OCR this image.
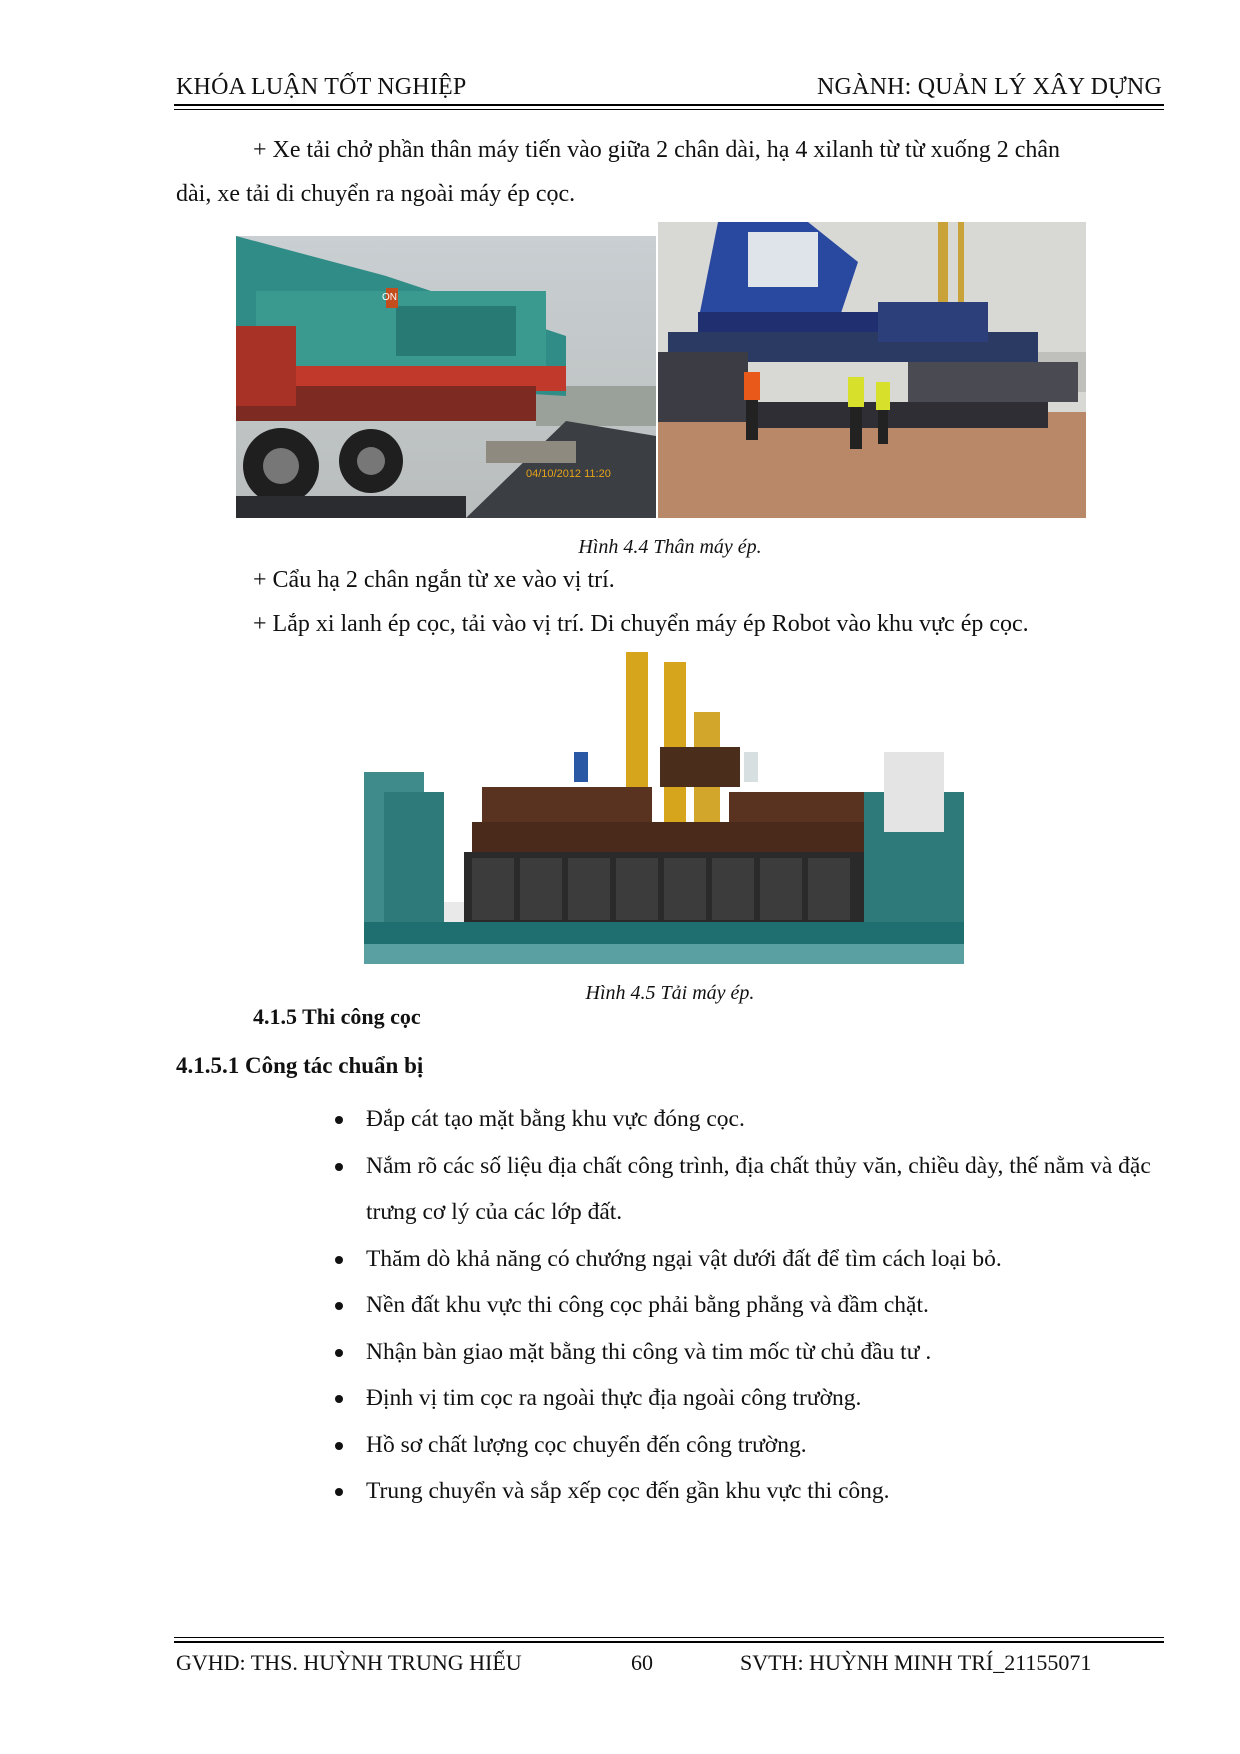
KHÓA LUẬN TỐT NGHIỆP	NGÀNH: QUẢN LÝ XÂY DỰNG
+ Xe tải chở phần thân máy tiến vào giữa 2 chân dài, hạ 4 xilanh từ từ xuống 2 chân
dài, xe tải di chuyển ra ngoài máy ép cọc.
ON
04/10/2012 11:20
Hình 4.4 Thân máy ép.
+ Cẩu hạ 2 chân ngắn từ xe vào vị trí.
+ Lắp xi lanh ép cọc, tải vào vị trí. Di chuyển máy ép Robot vào khu vực ép cọc.
Hình 4.5 Tải máy ép.
4.1.5 Thi công cọc
4.1.5.1 Công tác chuẩn bị
Đắp cát tạo mặt bằng khu vực đóng cọc.
Nắm rõ các số liệu địa chất công trình, địa chất thủy văn, chiều dày, thế nằm và đặc trưng cơ lý của các lớp đất.
Thăm dò khả năng có chướng ngại vật dưới đất để tìm cách loại bỏ.
Nền đất khu vực thi công cọc phải bằng phẳng và đầm chặt.
Nhận bàn giao mặt bằng thi công và tim mốc từ chủ đầu tư .
Định vị tim cọc ra ngoài thực địa ngoài công trường.
Hồ sơ chất lượng cọc chuyển đến công trường.
Trung chuyển và sắp xếp cọc đến gần khu vực thi công.
GVHD: THS. HUỲNH TRUNG HIẾU	60	SVTH: HUỲNH MINH TRÍ_21155071
